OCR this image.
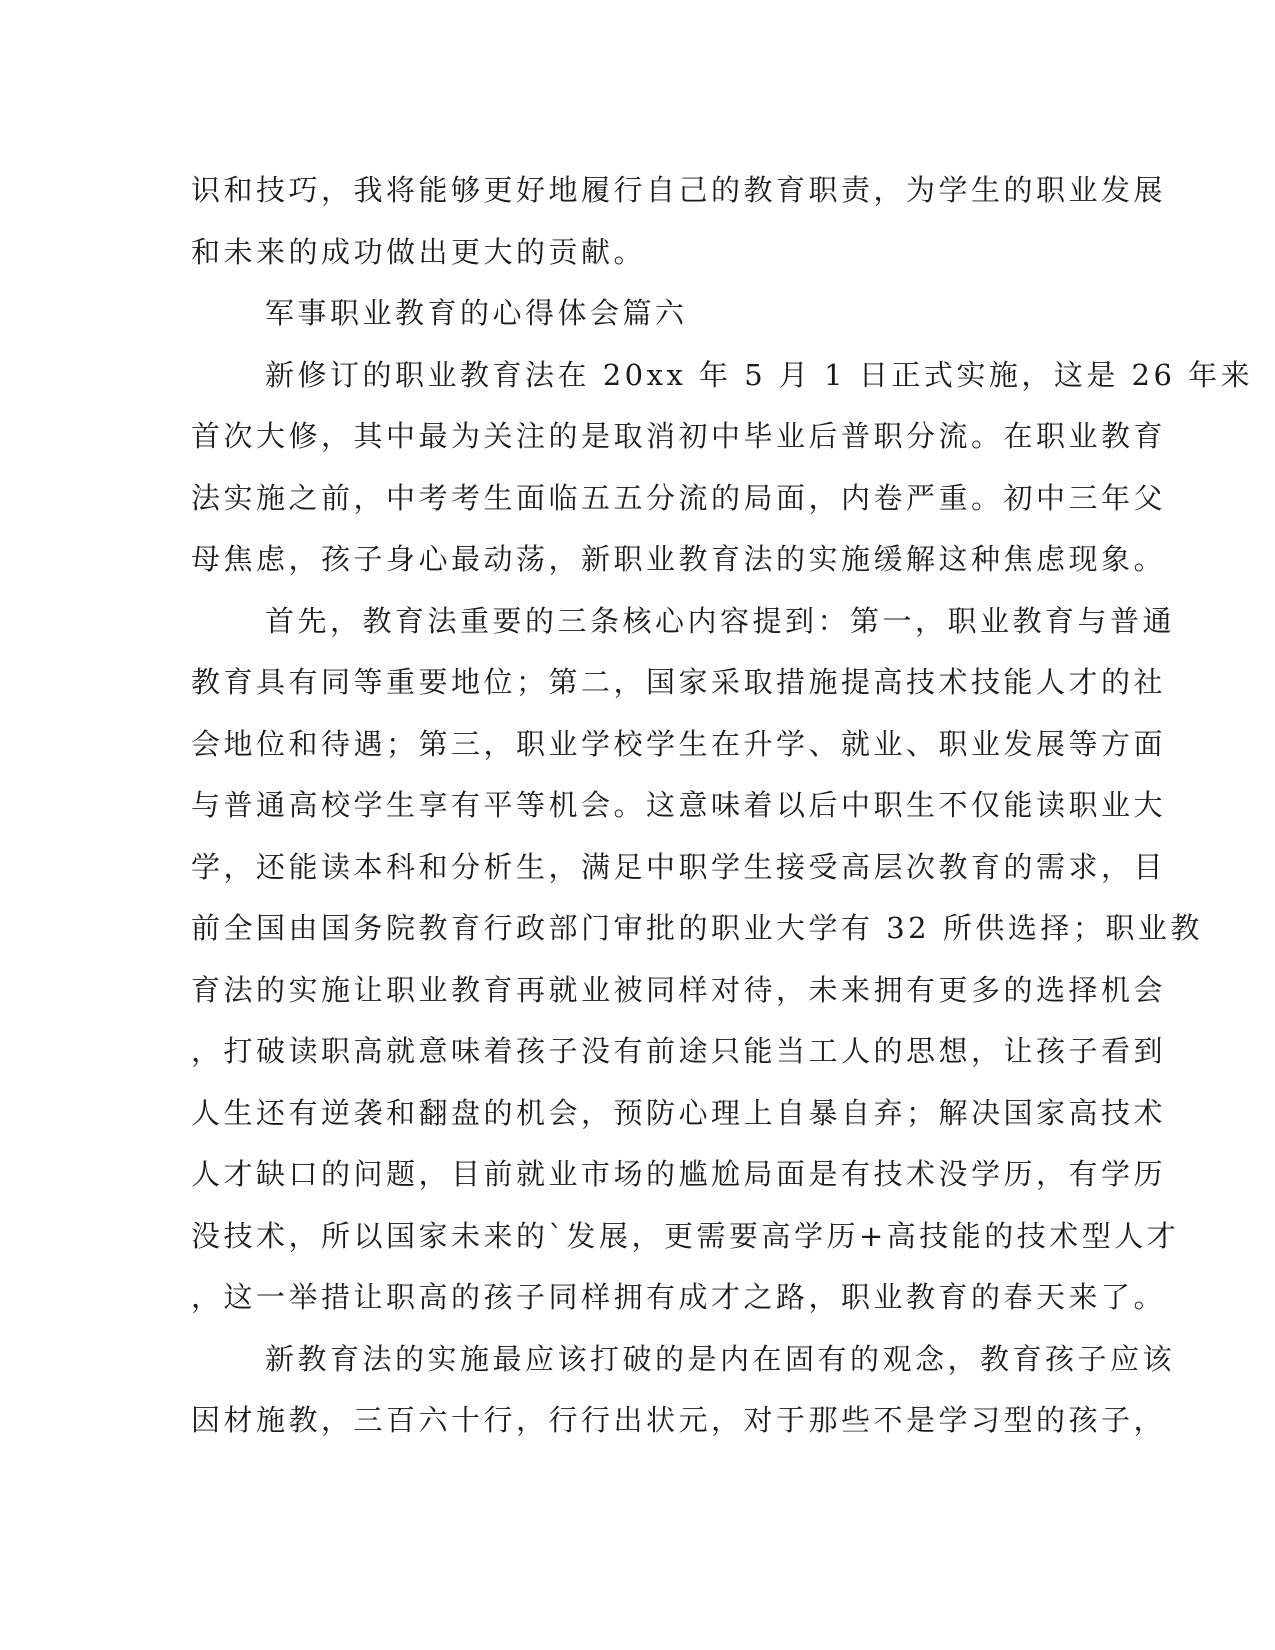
识和技巧，我将能够更好地履行自己的教育职责，为学生的职业发展
和未来的成功做出更大的贡献。
军事职业教育的心得体会篇六
新修订的职业教育法在 20xx 年 5 月 1 日正式实施，这是 26 年来
首次大修，其中最为关注的是取消初中毕业后普职分流。在职业教育
法实施之前，中考考生面临五五分流的局面，内卷严重。初中三年父
母焦虑，孩子身心最动荡，新职业教育法的实施缓解这种焦虑现象。
首先，教育法重要的三条核心内容提到：第一，职业教育与普通
教育具有同等重要地位；第二，国家采取措施提高技术技能人才的社
会地位和待遇；第三，职业学校学生在升学、就业、职业发展等方面
与普通高校学生享有平等机会。这意味着以后中职生不仅能读职业大
学，还能读本科和分析生，满足中职学生接受高层次教育的需求，目
前全国由国务院教育行政部门审批的职业大学有 32 所供选择；职业教
育法的实施让职业教育再就业被同样对待，未来拥有更多的选择机会
，打破读职高就意味着孩子没有前途只能当工人的思想，让孩子看到
人生还有逆袭和翻盘的机会，预防心理上自暴自弃；解决国家高技术
人才缺口的问题，目前就业市场的尴尬局面是有技术没学历，有学历
没技术，所以国家未来的`发展，更需要高学历+高技能的技术型人才
，这一举措让职高的孩子同样拥有成才之路，职业教育的春天来了。
新教育法的实施最应该打破的是内在固有的观念，教育孩子应该
因材施教，三百六十行，行行出状元，对于那些不是学习型的孩子，
